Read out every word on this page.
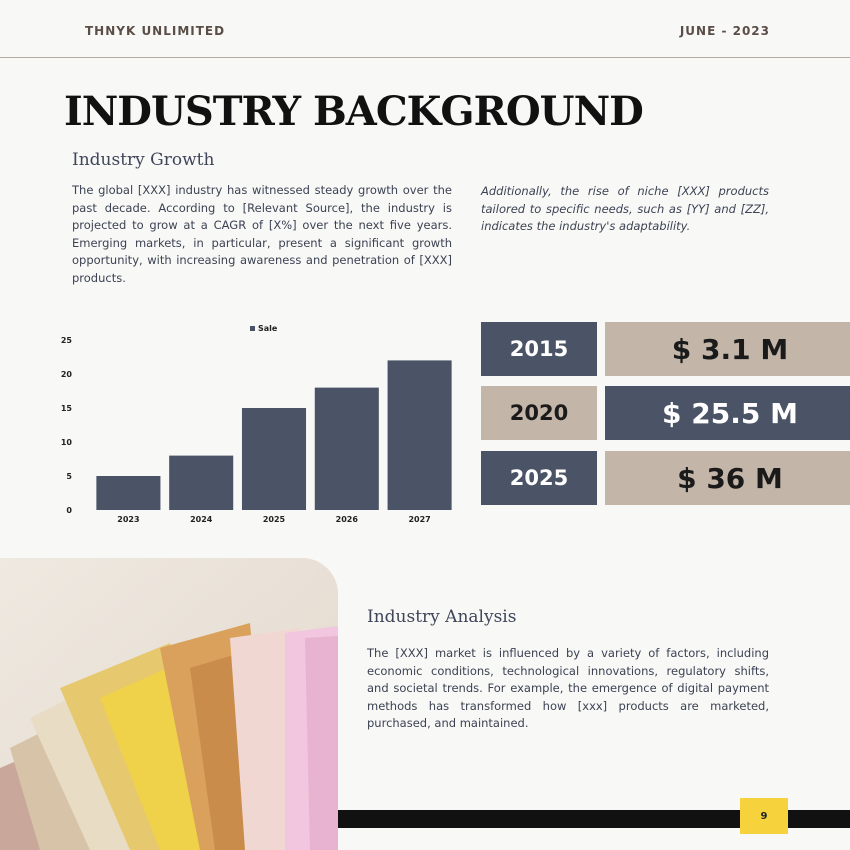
THNYK UNLIMITED	JUNE - 2023
INDUSTRY BACKGROUND
Industry Growth
The global [XXX] industry has witnessed steady growth over the past decade. According to [Relevant Source], the industry is projected to grow at a CAGR of [X%] over the next five years. Emerging markets, in particular, present a significant growth opportunity, with increasing awareness and penetration of [XXX] products.
Additionally, the rise of niche [XXX] products tailored to specific needs, such as [YY] and [ZZ], indicates the industry's adaptability.
0
5
10
15
20
25
2023	2024	2025	2026	2027
Sale
2015	$ 3.1 M
2020	$ 25.5 M
2025	$ 36 M
Industry Analysis
The [XXX] market is influenced by a variety of factors, including economic conditions, technological innovations, regulatory shifts, and societal trends. For example, the emergence of digital payment methods has transformed how [xxx] products are marketed, purchased, and maintained.
9
